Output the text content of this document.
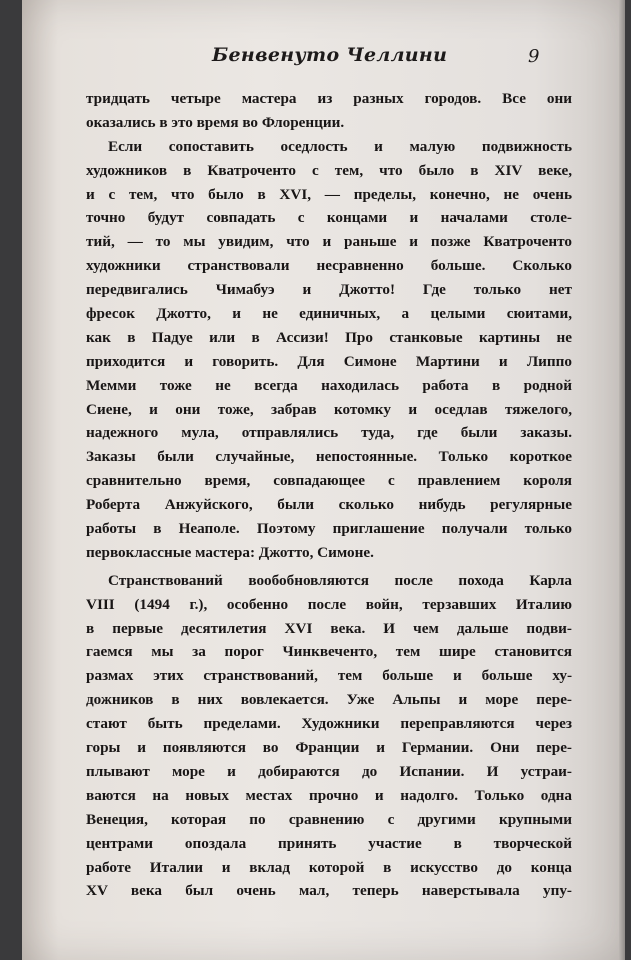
Бенвенуто Челлини	9
тридцать четыре мастера из разных городов. Все они
оказались в это время во Флоренции.
Если сопоставить оседлость и малую подвижность
художников в Кватроченто с тем, что было в XIV веке,
и с тем, что было в XVI, — пределы, конечно, не очень
точно будут совпадать с концами и началами столе-
тий, — то мы увидим, что и раньше и позже Кватроченто
художники странствовали несравненно больше. Сколько
передвигались Чимабуэ и Джотто! Где только нет
фресок Джотто, и не единичных, а целыми сюитами,
как в Падуе или в Ассизи! Про станковые картины не
приходится и говорить. Для Симоне Мартини и Липпо
Мемми тоже не всегда находилась работа в родной
Сиене, и они тоже, забрав котомку и оседлав тяжелого,
надежного мула, отправлялись туда, где были заказы.
Заказы были случайные, непостоянные. Только короткое
сравнительно время, совпадающее с правлением короля
Роберта Анжуйского, были сколько нибудь регулярные
работы в Неаполе. Поэтому приглашение получали только
первоклассные мастера: Джотто, Симоне.
Странствований вообобновляются после похода Карла
VIII (1494 г.), особенно после войн, терзавших Италию
в первые десятилетия XVI века. И чем дальше подви-
гаемся мы за порог Чинквеченто, тем шире становится
размах этих странствований, тем больше и больше ху-
дожников в них вовлекается. Уже Альпы и море пере-
стают быть пределами. Художники переправляются через
горы и появляются во Франции и Германии. Они пере-
плывают море и добираются до Испании. И устраи-
ваются на новых местах прочно и надолго. Только одна
Венеция, которая по сравнению с другими крупными
центрами опоздала принять участие в творческой
работе Италии и вклад которой в искусство до конца
XV века был очень мал, теперь наверстывала упу-
